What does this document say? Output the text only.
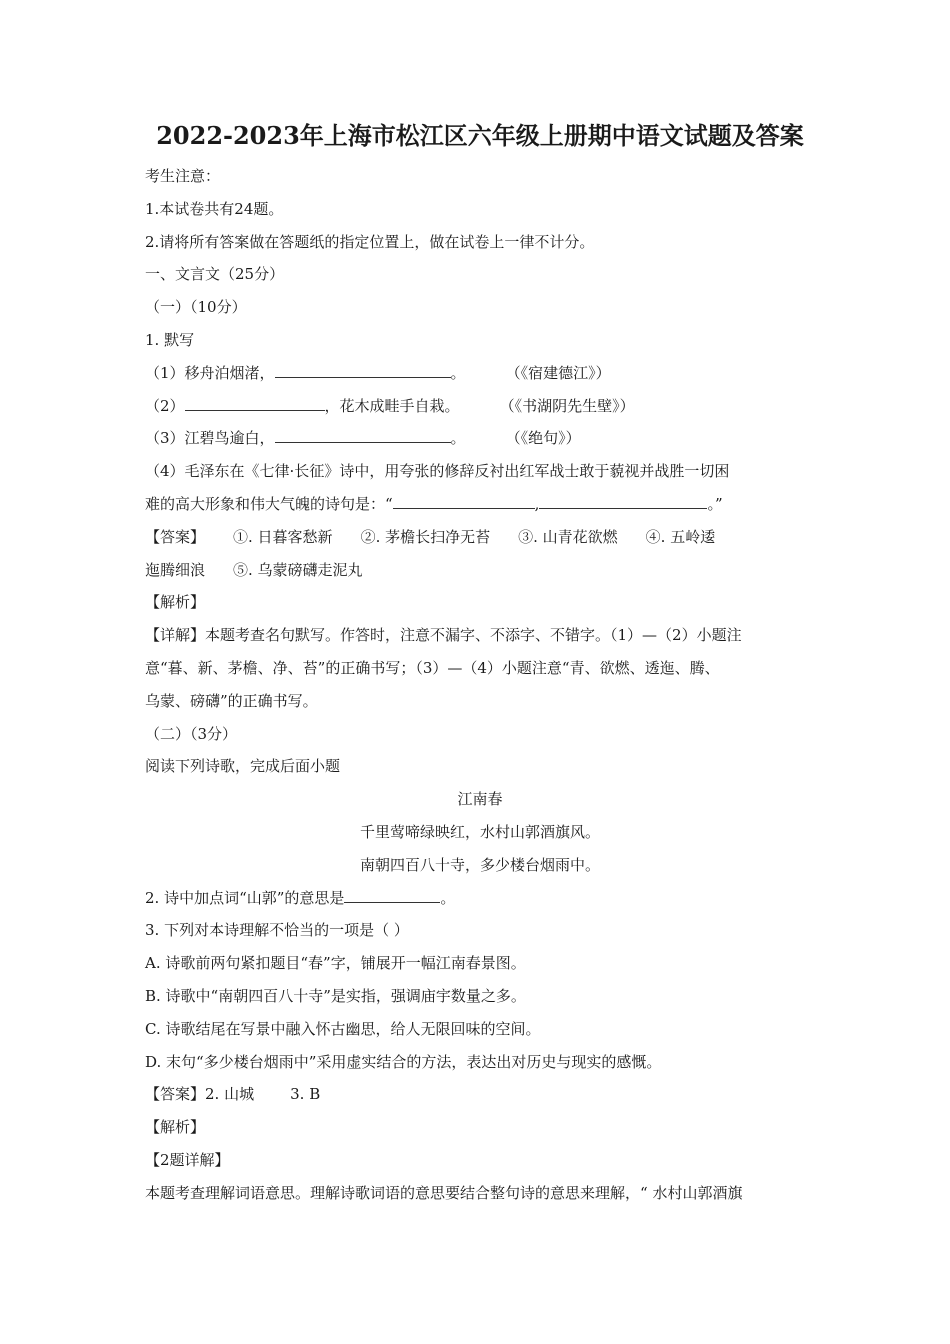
2022-2023年上海市松江区六年级上册期中语文试题及答案
考生注意：
1.本试卷共有24题。
2.请将所有答案做在答题纸的指定位置上，做在试卷上一律不计分。
一、文言文（25分）
（一）（10分）
1. 默写
（1）移舟泊烟渚，	。	（《宿建德江》）
（2）	，花木成畦手自栽。	（《书湖阴先生壁》）
（3）江碧鸟逾白，	。	（《绝句》）
（4）毛泽东在《七律·长征》诗中，用夸张的修辞反衬出红军战士敢于藐视并战胜一切困
难的高大形象和伟大气魄的诗句是：“	,	。”
【答案】 ①. 日暮客愁新 ②. 茅檐长扫净无苔 ③. 山青花欲燃 ④. 五岭逶
迤腾细浪 ⑤. 乌蒙磅礴走泥丸
【解析】
【详解】本题考查名句默写。作答时，注意不漏字、不添字、不错字。（1）—（2）小题注
意“暮、新、茅檐、净、苔”的正确书写；（3）—（4）小题注意“青、欲燃、透迤、腾、
乌蒙、磅礴”的正确书写。
（二）（3分）
阅读下列诗歌，完成后面小题
江南春
千里莺啼绿映红，水村山郭酒旗风。
南朝四百八十寺，多少楼台烟雨中。
2. 诗中加点词“山郭”的意思是	。
3. 下列对本诗理解不恰当的一项是（ ）
A. 诗歌前两句紧扣题目“春”字，铺展开一幅江南春景图。
B. 诗歌中“南朝四百八十寺”是实指，强调庙宇数量之多。
C. 诗歌结尾在写景中融入怀古幽思，给人无限回味的空间。
D. 末句“多少楼台烟雨中”采用虚实结合的方法，表达出对历史与现实的感慨。
【答案】2. 山城 3. B
【解析】
【2题详解】
本题考查理解词语意思。理解诗歌词语的意思要结合整句诗的意思来理解，“ 水村山郭酒旗
